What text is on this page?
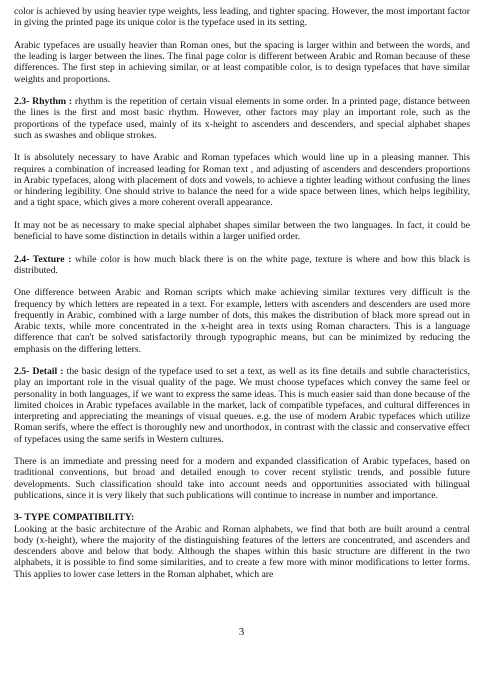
color is achieved by using heavier type weights, less leading, and tighter spacing. However, the most important factor in giving the printed page its unique color is the typeface used in its setting.

Arabic typefaces are usually heavier than Roman ones, but the spacing is larger within and between the words, and the leading is larger between the lines. The final page color is different between Arabic and Roman because of these differences. The first step in achieving similar, or at least compatible color, is to design typefaces that have similar weights and proportions.

2.3- Rhythm : rhythm is the repetition of certain visual elements in some order. In a printed page, distance between the lines is the first and most basic rhythm. However, other factors may play an important role, such as the proportions of the typeface used, mainly of its x-height to ascenders and descenders, and special alphabet shapes such as swashes and oblique strokes.

It is absolutely necessary to have Arabic and Roman typefaces which would line up in a pleasing manner. This requires a combination of increased leading for Roman text , and adjusting of ascenders and descenders proportions in Arabic typefaces, along with placement of dots and vowels, to achieve a tighter leading without confusing the lines or hindering legibility. One should strive to balance the need for a wide space between lines, which helps legibility, and a tight space, which gives a more coherent overall appearance.

It may not be as necessary to make special alphabet shapes similar between the two languages. In fact, it could be beneficial to have some distinction in details within a larger unified order.

2.4- Texture : while color is how much black there is on the white page, texture is where and how this black is distributed.

One difference between Arabic and Roman scripts which make achieving similar textures very difficult is the frequency by which letters are repeated in a text. For example, letters with ascenders and descenders are used more frequently in Arabic, combined with a large number of dots, this makes the distribution of black more spread out in Arabic texts, while more concentrated in the x-height area in texts using Roman characters. This is a language difference that can't be solved satisfactorily through typographic means, but can be minimized by reducing the emphasis on the differing letters.

2.5- Detail : the basic design of the typeface used to set a text, as well as its fine details and subtle characteristics, play an important role in the visual quality of the page. We must choose typefaces which convey the same feel or personality in both languages, if we want to express the same ideas. This is much easier said than done because of the limited choices in Arabic typefaces available in the market, lack of compatible typefaces, and cultural differences in interpreting and appreciating the meanings of visual queues. e.g. the use of modern Arabic typefaces which utilize Roman serifs, where the effect is thoroughly new and unorthodox, in contrast with the classic and conservative effect of typefaces using the same serifs in Western cultures.

There is an immediate and pressing need for a modern and expanded classification of Arabic typefaces, based on traditional conventions, but broad and detailed enough to cover recent stylistic trends, and possible future developments. Such classification should take into account needs and opportunities associated with bilingual publications, since it is very likely that such publications will continue to increase in number and importance.

3- TYPE COMPATIBILITY:

Looking at the basic architecture of the Arabic and Roman alphabets, we find that both are built around a central body (x-height), where the majority of the distinguishing features of the letters are concentrated, and ascenders and descenders above and below that body. Although the shapes within this basic structure are different in the two alphabets, it is possible to find some similarities, and to create a few more with minor modifications to letter forms. This applies to lower case letters in the Roman alphabet, which are

3
